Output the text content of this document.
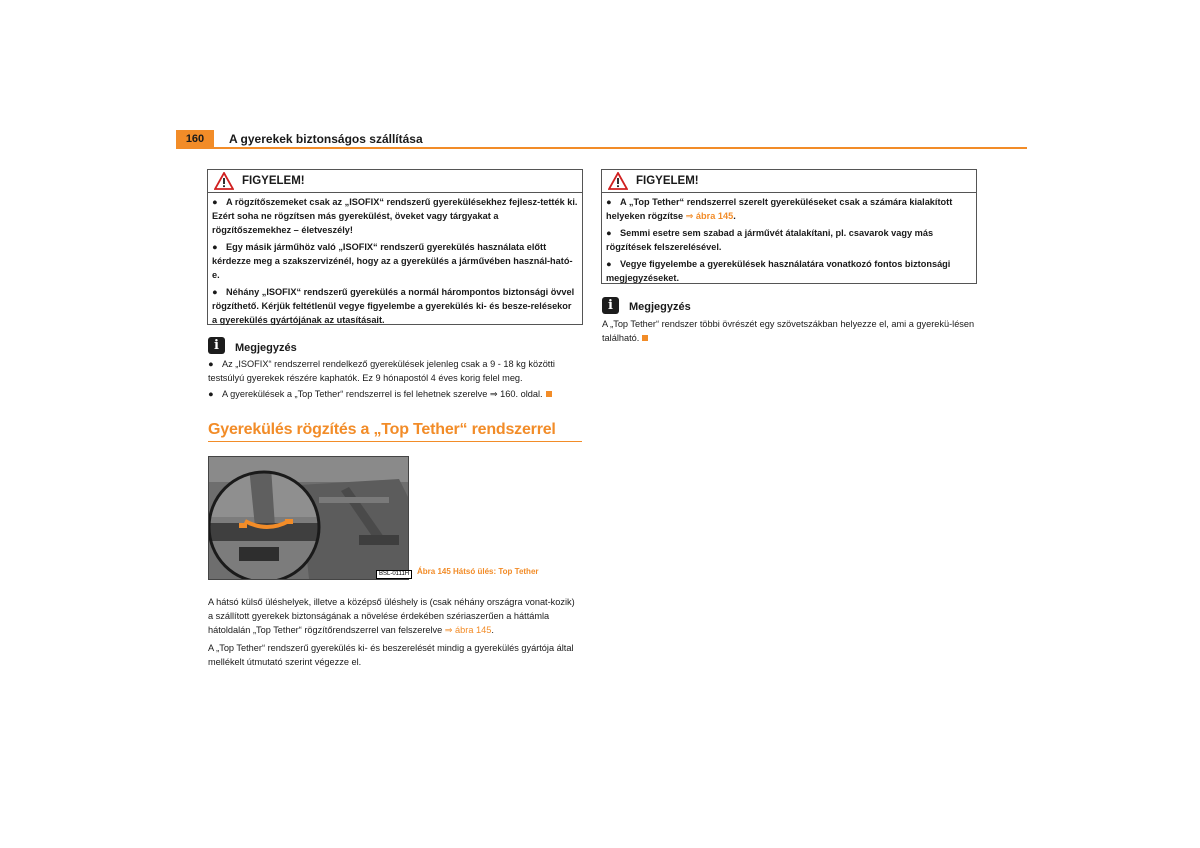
160	A gyerekek biztonságos szállítása
FIGYELEM!

● A rögzítőszemeket csak az „ISOFIX“ rendszerű gyerekülésekhez fejlesz-tették ki. Ezért soha ne rögzítsen más gyerekülést, öveket vagy tárgyakat a rögzítőszemekhez – életveszély!

● Egy másik járműhöz való „ISOFIX“ rendszerű gyerekülés használata előtt kérdezze meg a szakszervizénél, hogy az a gyerekülés a járművében használ-ható-e.

● Néhány „ISOFIX“ rendszerű gyerekülés a normál hárompontos biztonsági övvel rögzíthető. Kérjük feltétlenül vegye figyelembe a gyerekülés ki- és besze-relésekor a gyerekülés gyártójának az utasításait.

i	Megjegyzés

● Az „ISOFIX“ rendszerrel rendelkező gyerekülések jelenleg csak a 9 - 18 kg közötti testsúlyú gyerekek részére kaphatók. Ez 9 hónapostól 4 éves korig felel meg.

● A gyerekülések a „Top Tether“ rendszerrel is fel lehetnek szerelve ⇒ 160. oldal.

Gyerekülés rögzítés a „Top Tether“ rendszerrel
BSL-0111H Ábra 145 Hátsó ülés: Top Tether
A hátsó külső üléshelyek, illetve a középső üléshely is (csak néhány országra vonat-kozik) a szállított gyerekek biztonságának a növelése érdekében szériaszerűen a háttámla hátoldalán „Top Tether“ rögzítőrendszerrel van felszerelve ⇒ ábra 145.
A „Top Tether“ rendszerű gyerekülés ki- és beszerelését mindig a gyerekülés gyártója által mellékelt útmutató szerint végezze el.
FIGYELEM!

● A „Top Tether“ rendszerrel szerelt gyereküléseket csak a számára kialakított helyeken rögzítse ⇒ ábra 145.

● Semmi esetre sem szabad a járművét átalakítani, pl. csavarok vagy más rögzítések felszerelésével.

● Vegye figyelembe a gyerekülések használatára vonatkozó fontos biztonsági megjegyzéseket.

i	Megjegyzés
A „Top Tether“ rendszer többi övrészét egy szövetszákban helyezze el, ami a gyerekü-lésen található.
